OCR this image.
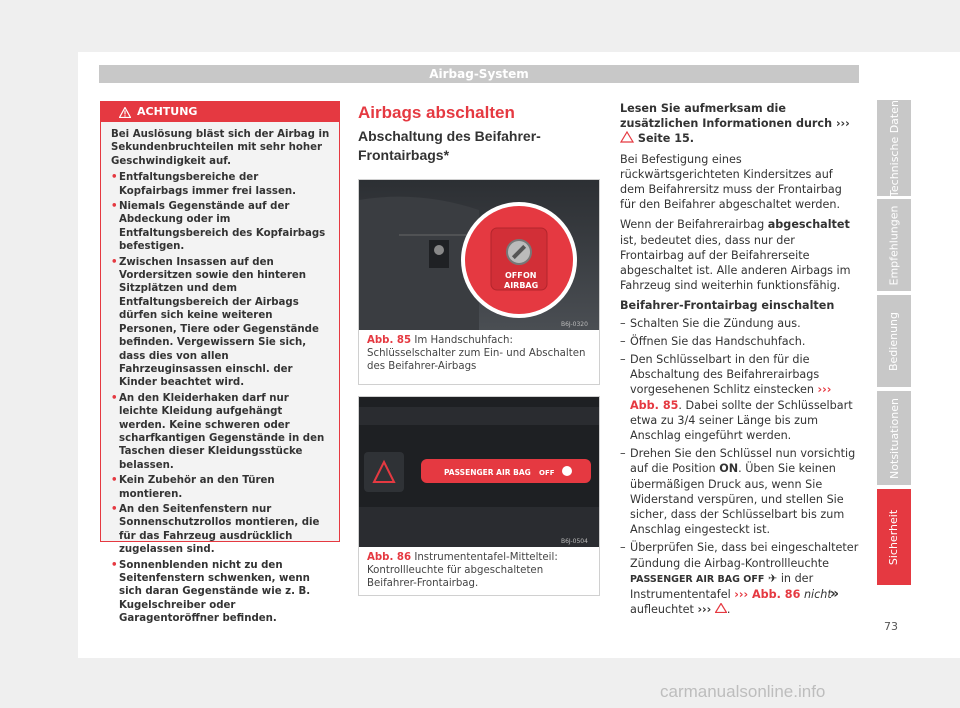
Airbag-System
ACHTUNG

Bei Auslösung bläst sich der Airbag in Sekundenbruchteilen mit sehr hoher Geschwindigkeit auf.

• Entfaltungsbereiche der Kopfairbags immer frei lassen.
• Niemals Gegenstände auf der Abdeckung oder im Entfaltungsbereich des Kopfairbags befestigen.
• Zwischen Insassen auf den Vordersitzen sowie den hinteren Sitzplätzen und dem Entfaltungsbereich der Airbags dürfen sich keine weiteren Personen, Tiere oder Gegenstände befinden. Vergewissern Sie sich, dass dies von allen Fahrzeuginsassen einschl. der Kinder beachtet wird.
• An den Kleiderhaken darf nur leichte Kleidung aufgehängt werden. Keine schweren oder scharfkantigen Gegenstände in den Taschen dieser Kleidungsstücke belassen.
• Kein Zubehör an den Türen montieren.
• An den Seitenfenstern nur Sonnenschutzrollos montieren, die für das Fahrzeug ausdrücklich zugelassen sind.
• Sonnenblenden nicht zu den Seitenfenstern schwenken, wenn sich daran Gegenstände wie z. B. Kugelschreiber oder Garagentoröffner befinden.
Airbags abschalten
Abschaltung des Beifahrer-Frontairbags*
OFF ON
AIRBAG
B6J-0320
Abb. 85 Im Handschuhfach: Schlüsselschalter zum Ein- und Abschalten des Beifahrer-Airbags
PASSENGER AIR BAG OFF
B6J-0504
Abb. 86 Instrumententafel-Mittelteil: Kontrollleuchte für abgeschalteten Beifahrer-Frontairbag.

Lesen Sie aufmerksam die zusätzlichen Informationen durch ›››  Seite 15.

Bei Befestigung eines rückwärtsgerichteten Kindersitzes auf dem Beifahrersitz muss der Frontairbag für den Beifahrer abgeschaltet werden.

Wenn der Beifahrerairbag abgeschaltet ist, bedeutet dies, dass nur der Frontairbag auf der Beifahrerseite abgeschaltet ist. Alle anderen Airbags im Fahrzeug sind weiterhin funktionsfähig.

Beifahrer-Frontairbag einschalten

– Schalten Sie die Zündung aus.
– Öffnen Sie das Handschuhfach.
– Den Schlüsselbart in den für die Abschaltung des Beifahrerairbags vorgesehenen Schlitz einstecken ››› Abb. 85. Dabei sollte der Schlüsselbart etwa zu 3/4 seiner Länge bis zum Anschlag eingeführt werden.
– Drehen Sie den Schlüssel nun vorsichtig auf die Position ON. Üben Sie keinen übermäßigen Druck aus, wenn Sie Widerstand verspüren, und stellen Sie sicher, dass der Schlüsselbart bis zum Anschlag eingesteckt ist.
– Überprüfen Sie, dass bei eingeschalteter Zündung die Airbag-Kontrollleuchte PASSENGER AIR BAG OFF ✈ in der Instrumententafel ››› Abb. 86 nicht aufleuchtet ››› .
»
Technische Daten
Empfehlungen
Bedienung
Notsituationen
Sicherheit
73
carmanualsonline.info
